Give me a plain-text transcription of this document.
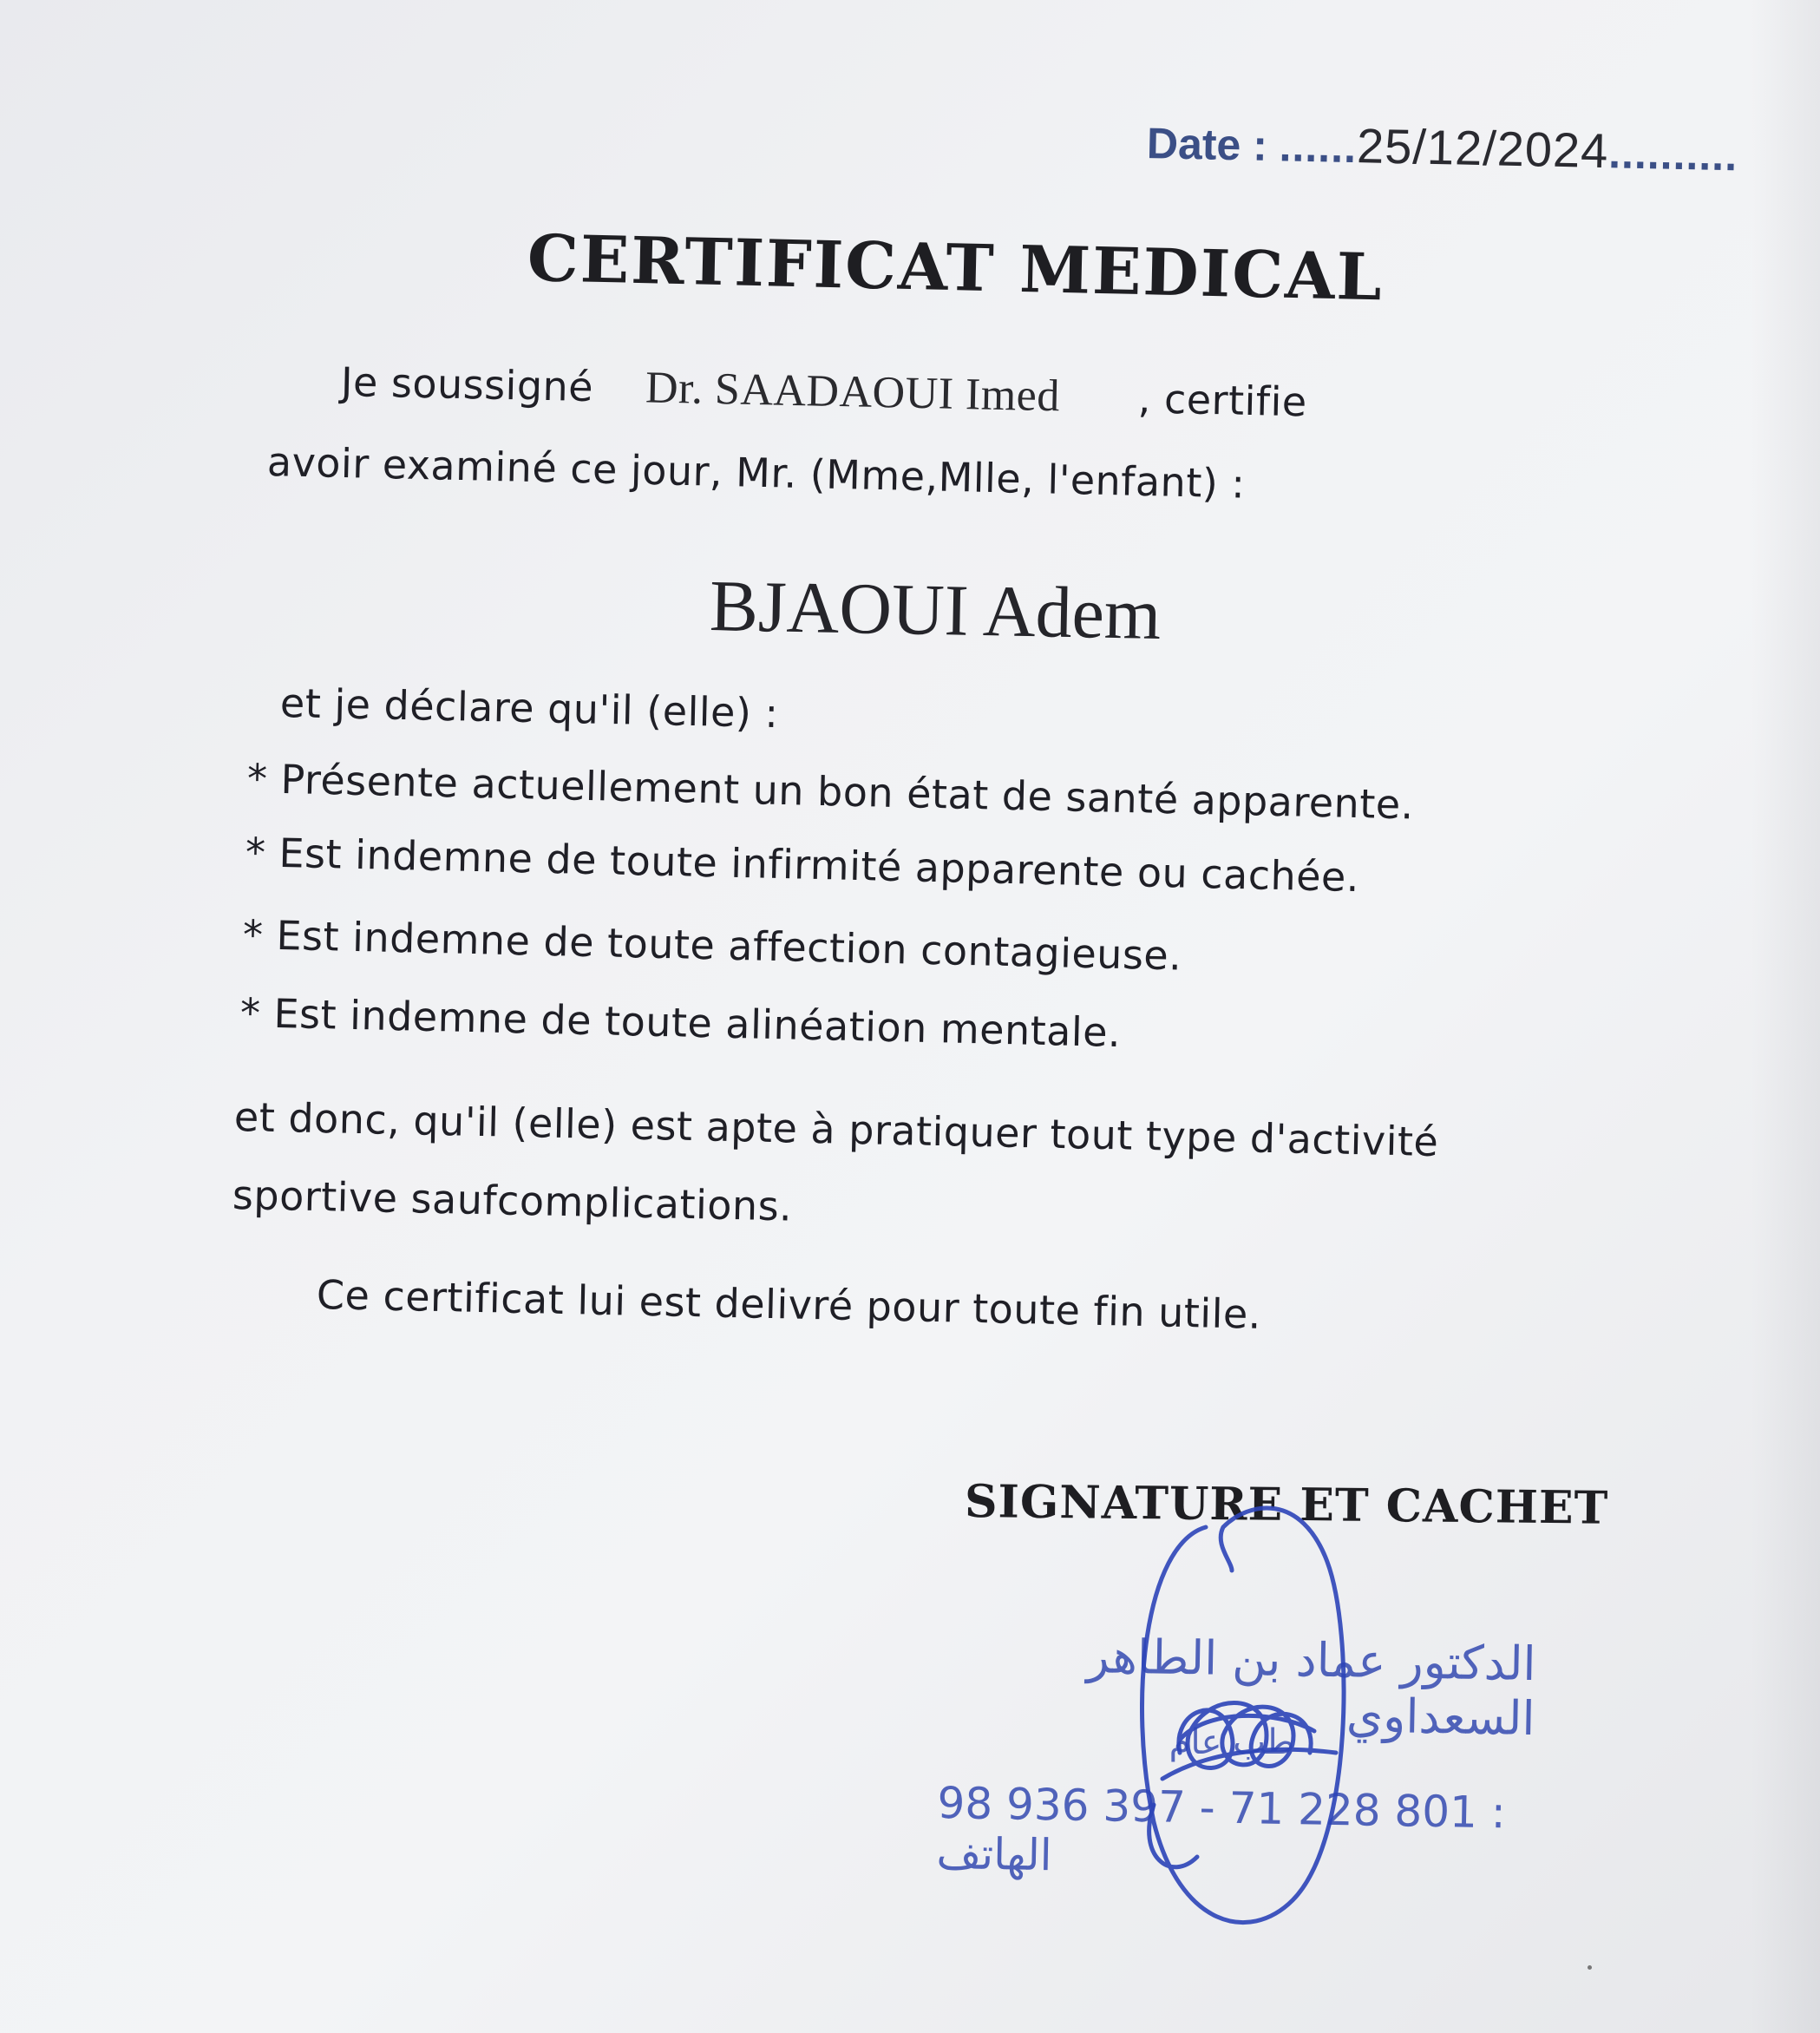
Date : ......25/12/2024..........
CERTIFICAT MEDICAL
Je soussigné Dr. SAADAOUI Imed , certifie
avoir examiné ce jour, Mr. (Mme,Mlle, l'enfant) :
BJAOUI Adem
et je déclare qu'il (elle) :
* Présente actuellement un bon état de santé apparente.
* Est indemne de toute infirmité apparente ou cachée.
* Est indemne de toute affection contagieuse.
* Est indemne de toute alinéation mentale.
et donc, qu'il (elle) est apte à pratiquer tout type d'activité
sportive saufcomplications.
Ce certificat lui est delivré pour toute fin utile.
SIGNATURE ET CACHET
الدكتور عماد بن الطاهر السعداوي
طب عام
98 936 397 - 71 228 801 : الهاتف
